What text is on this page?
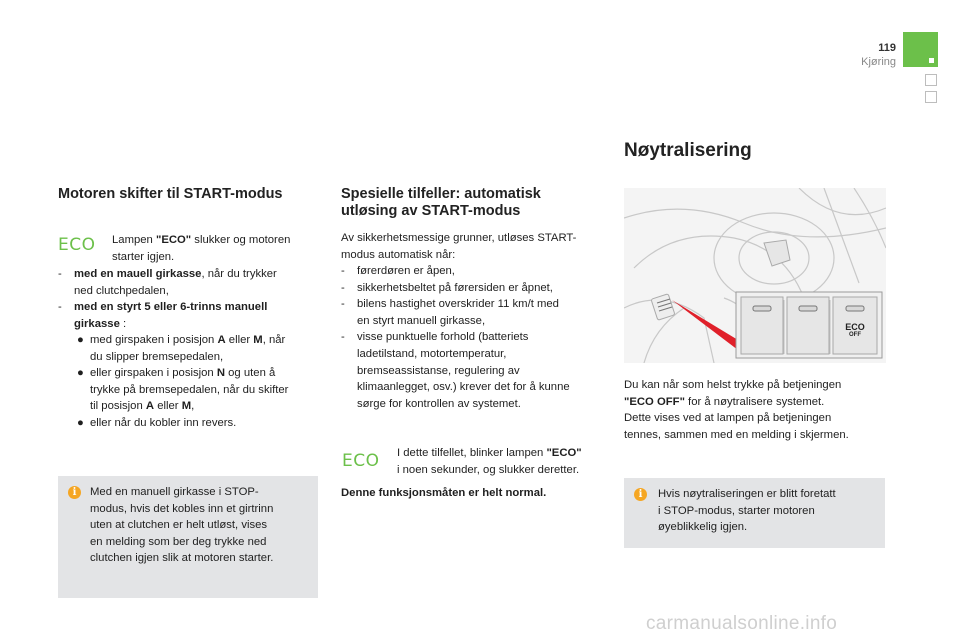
119
Kjøring
Motoren skifter til START-modus
ECO Lampen "ECO" slukker og motoren
starter igjen.
- med en mauell girkasse, når du trykker
ned clutchpedalen,
- med en styrt 5 eller 6-trinns manuell
girkasse :
● med girspaken i posisjon A eller M, når
du slipper bremsepedalen,
● eller girspaken i posisjon N og uten å
trykke på bremsepedalen, når du skifter
til posisjon A eller M,
● eller når du kobler inn revers.
i	Med en manuell girkasse i STOP-
modus, hvis det kobles inn et girtrinn
uten at clutchen er helt utløst, vises
en melding som ber deg trykke ned
clutchen igjen slik at motoren starter.
Spesielle tilfeller: automatisk
utløsing av START-modus
Av sikkerhetsmessige grunner, utløses START-
modus automatisk når:
- førerdøren er åpen,
- sikkerhetsbeltet på førersiden er åpnet,
- bilens hastighet overskrider 11 km/t med
en styrt manuell girkasse,
- visse punktuelle forhold (batteriets
ladetilstand, motortemperatur,
bremseassistanse, regulering av
klimaanlegget, osv.) krever det for å kunne
sørge for kontrollen av systemet.
ECO I dette tilfellet, blinker lampen "ECO"
i noen sekunder, og slukker deretter.
Denne funksjonsmåten er helt normal.
Nøytralisering
ECO
OFF
Du kan når som helst trykke på betjeningen
"ECO OFF" for å nøytralisere systemet.
Dette vises ved at lampen på betjeningen
tennes, sammen med en melding i skjermen.
i	Hvis nøytraliseringen er blitt foretatt
i STOP-modus, starter motoren
øyeblikkelig igjen.
carmanualsonline.info
